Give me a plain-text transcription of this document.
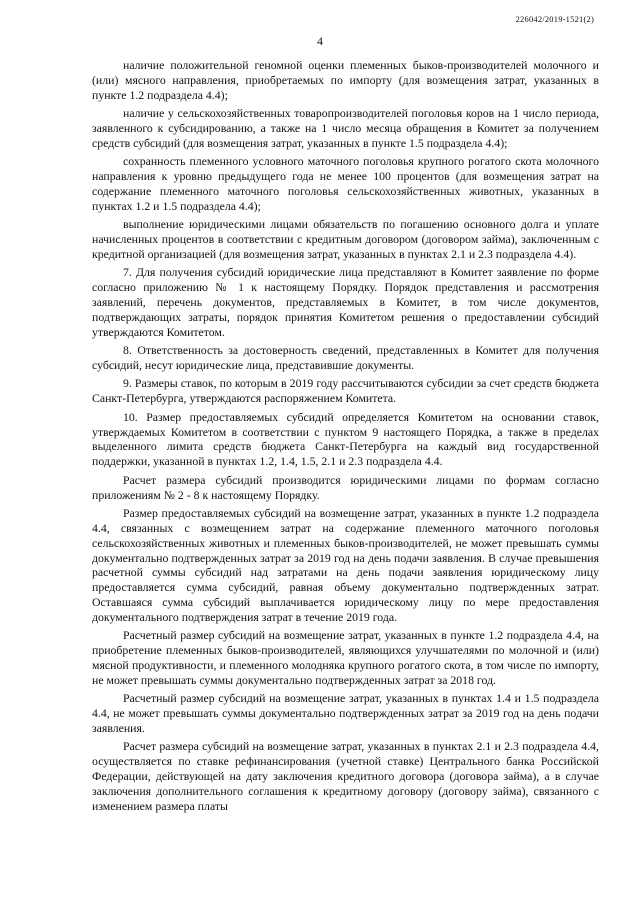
226042/2019-1521(2)
4

наличие положительной геномной оценки племенных быков-производителей молочного и (или) мясного направления, приобретаемых по импорту (для возмещения затрат, указанных в пункте 1.2 подраздела 4.4);

наличие у сельскохозяйственных товаропроизводителей поголовья коров на 1 число периода, заявленного к субсидированию, а также на 1 число месяца обращения в Комитет за получением средств субсидий (для возмещения затрат, указанных в пункте 1.5 подраздела 4.4);

сохранность племенного условного маточного поголовья крупного рогатого скота молочного направления к уровню предыдущего года не менее 100 процентов (для возмещения затрат на содержание племенного маточного поголовья сельскохозяйственных животных, указанных в пунктах 1.2 и 1.5 подраздела 4.4);

выполнение юридическими лицами обязательств по погашению основного долга и уплате начисленных процентов в соответствии с кредитным договором (договором займа), заключенным с кредитной организацией (для возмещения затрат, указанных в пунктах 2.1 и 2.3 подраздела 4.4).

7. Для получения субсидий юридические лица представляют в Комитет заявление по форме согласно приложению № 1 к настоящему Порядку. Порядок представления и рассмотрения заявлений, перечень документов, представляемых в Комитет, в том числе документов, подтверждающих затраты, порядок принятия Комитетом решения о предоставлении субсидий утверждаются Комитетом.

8. Ответственность за достоверность сведений, представленных в Комитет для получения субсидий, несут юридические лица, представившие документы.

9. Размеры ставок, по которым в 2019 году рассчитываются субсидии за счет средств бюджета Санкт-Петербурга, утверждаются распоряжением Комитета.

10. Размер предоставляемых субсидий определяется Комитетом на основании ставок, утверждаемых Комитетом в соответствии с пунктом 9 настоящего Порядка, а также в пределах выделенного лимита средств бюджета Санкт-Петербурга на каждый вид государственной поддержки, указанной в пунктах 1.2, 1.4, 1.5, 2.1 и 2.3 подраздела 4.4.

Расчет размера субсидий производится юридическими лицами по формам согласно приложениям № 2 - 8 к настоящему Порядку.

Размер предоставляемых субсидий на возмещение затрат, указанных в пункте 1.2 подраздела 4.4, связанных с возмещением затрат на содержание племенного маточного поголовья сельскохозяйственных животных и племенных быков-производителей, не может превышать суммы документально подтвержденных затрат за 2019 год на день подачи заявления. В случае превышения расчетной суммы субсидий над затратами на день подачи заявления юридическому лицу предоставляется сумма субсидий, равная объему документально подтвержденных затрат. Оставшаяся сумма субсидий выплачивается юридическому лицу по мере предоставления документального подтверждения затрат в течение 2019 года.

Расчетный размер субсидий на возмещение затрат, указанных в пункте 1.2 подраздела 4.4, на приобретение племенных быков-производителей, являющихся улучшателями по молочной и (или) мясной продуктивности, и племенного молодняка крупного рогатого скота, в том числе по импорту, не может превышать суммы документально подтвержденных затрат за 2018 год.

Расчетный размер субсидий на возмещение затрат, указанных в пунктах 1.4 и 1.5 подраздела 4.4, не может превышать суммы документально подтвержденных затрат за 2019 год на день подачи заявления.

Расчет размера субсидий на возмещение затрат, указанных в пунктах 2.1 и 2.3 подраздела 4.4, осуществляется по ставке рефинансирования (учетной ставке) Центрального банка Российской Федерации, действующей на дату заключения кредитного договора (договора займа), а в случае заключения дополнительного соглашения к кредитному договору (договору займа), связанного с изменением размера платы
